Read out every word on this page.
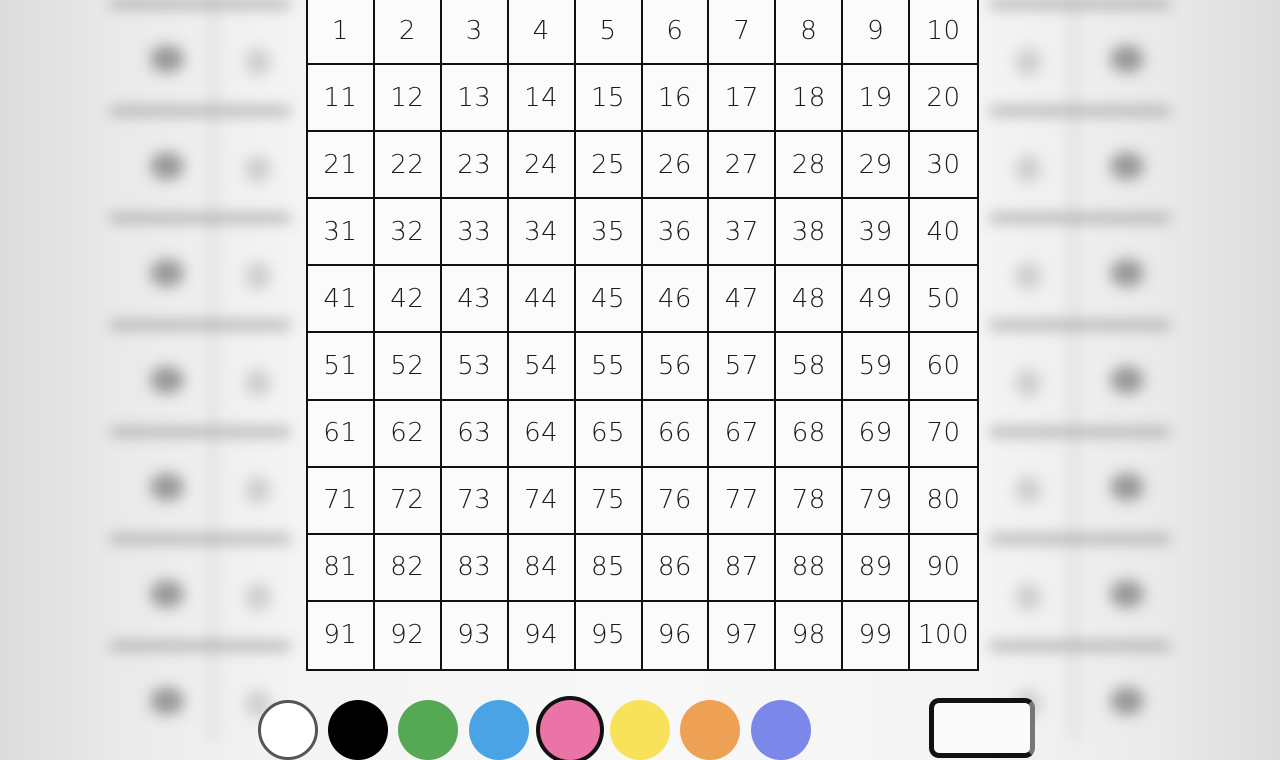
1	2	3	4	5	6	7	8	9	10
11	12	13	14	15	16	17	18	19	20
21	22	23	24	25	26	27	28	29	30
31	32	33	34	35	36	37	38	39	40
41	42	43	44	45	46	47	48	49	50
51	52	53	54	55	56	57	58	59	60
61	62	63	64	65	66	67	68	69	70
71	72	73	74	75	76	77	78	79	80
81	82	83	84	85	86	87	88	89	90
91	92	93	94	95	96	97	98	99 100
